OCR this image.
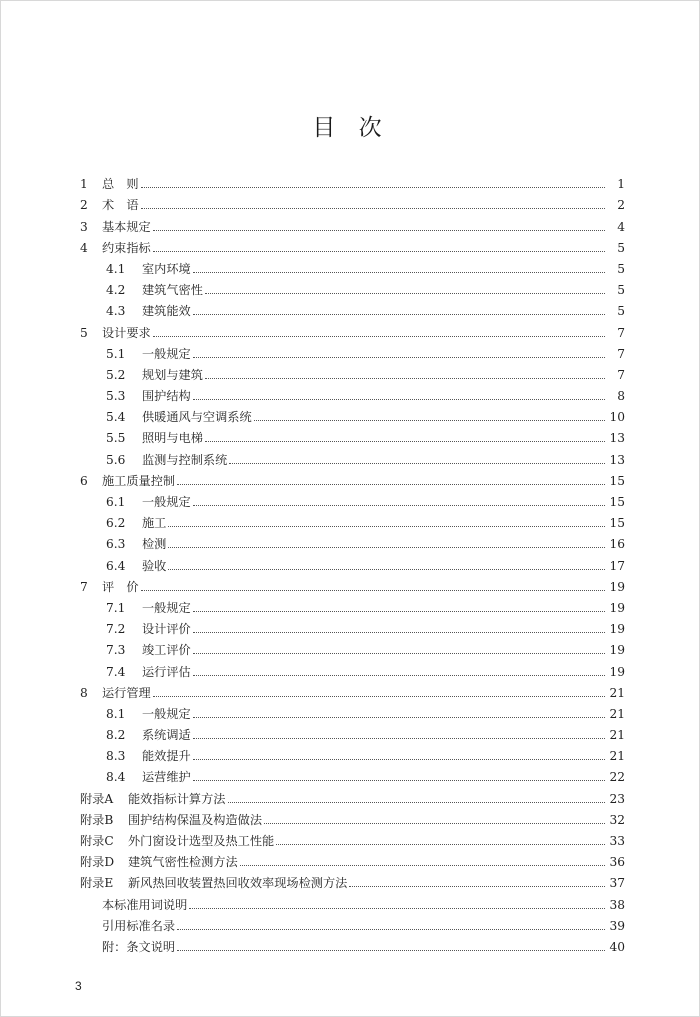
目 次
1 总　则	1
2 术　语	2
3 基本规定	4
4 约束指标	5
4.1 室内环境	5
4.2 建筑气密性	5
4.3 建筑能效	5
5 设计要求	7
5.1 一般规定	7
5.2 规划与建筑	7
5.3 围护结构	8
5.4 供暖通风与空调系统	10
5.5 照明与电梯	13
5.6 监测与控制系统	13
6 施工质量控制	15
6.1 一般规定	15
6.2 施工	15
6.3 检测	16
6.4 验收	17
7 评　价	19
7.1 一般规定	19
7.2 设计评价	19
7.3 竣工评价	19
7.4 运行评估	19
8 运行管理	21
8.1 一般规定	21
8.2 系统调适	21
8.3 能效提升	21
8.4 运营维护	22
附录A 能效指标计算方法	23
附录B 围护结构保温及构造做法	32
附录C 外门窗设计选型及热工性能	33
附录D 建筑气密性检测方法	36
附录E 新风热回收装置热回收效率现场检测方法	37
本标准用词说明	38
引用标准名录	39
附：条文说明	40
3
